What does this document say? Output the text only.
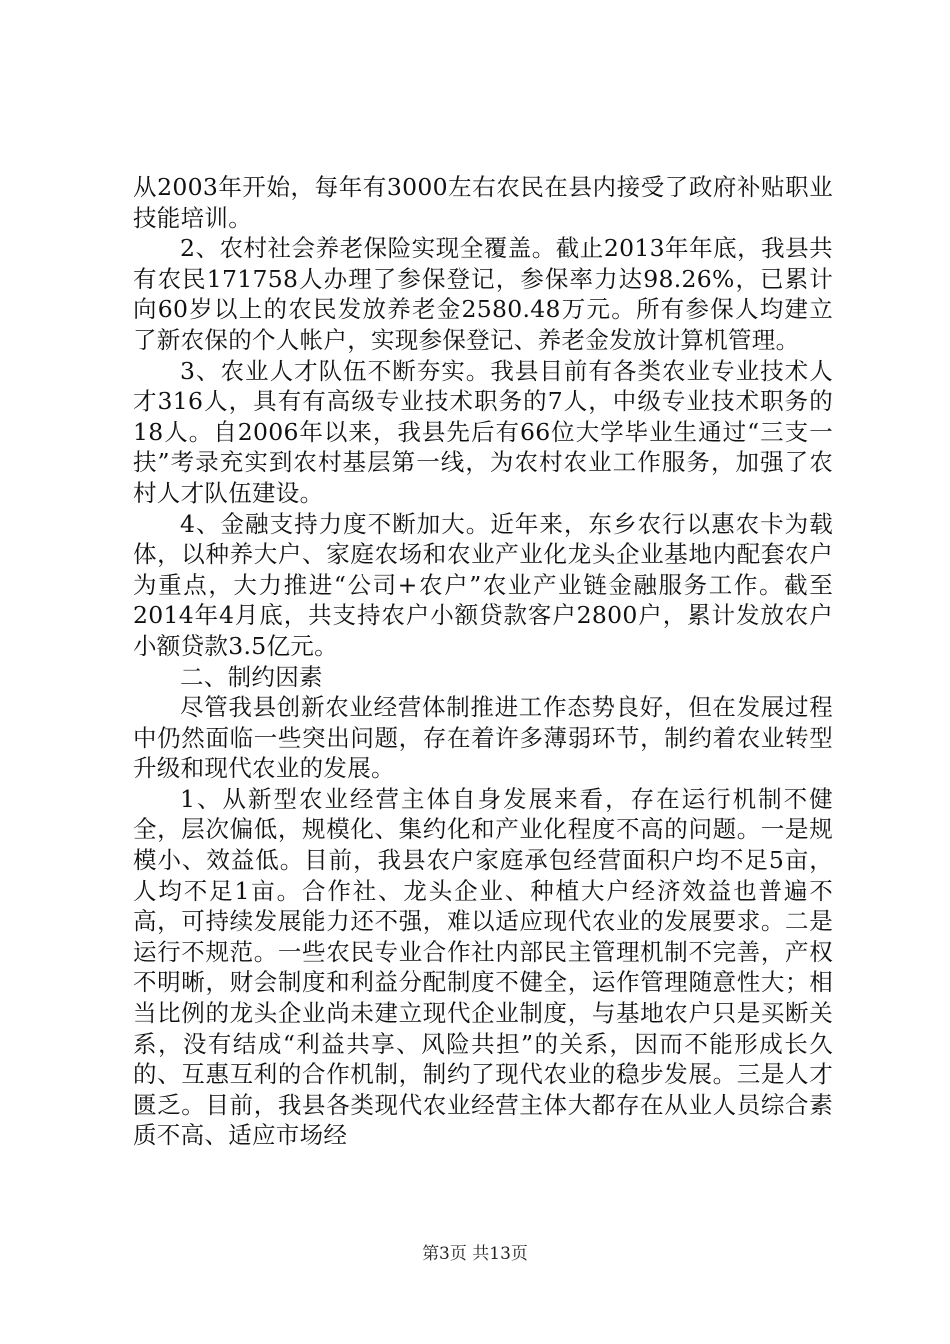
从2003年开始，每年有3000左右农民在县内接受了政府补贴职业技能培训。

2、农村社会养老保险实现全覆盖。截止2013年年底，我县共有农民171758人办理了参保登记，参保率力达98.26%，已累计向60岁以上的农民发放养老金2580.48万元。所有参保人均建立了新农保的个人帐户，实现参保登记、养老金发放计算机管理。

3、农业人才队伍不断夯实。我县目前有各类农业专业技术人才316人，具有有高级专业技术职务的7人，中级专业技术职务的18人。自2006年以来，我县先后有66位大学毕业生通过“三支一扶”考录充实到农村基层第一线，为农村农业工作服务，加强了农村人才队伍建设。

4、金融支持力度不断加大。近年来，东乡农行以惠农卡为载体，以种养大户、家庭农场和农业产业化龙头企业基地内配套农户为重点，大力推进“公司+农户”农业产业链金融服务工作。截至2014年4月底，共支持农户小额贷款客户2800户，累计发放农户小额贷款3.5亿元。

二、制约因素

尽管我县创新农业经营体制推进工作态势良好，但在发展过程中仍然面临一些突出问题，存在着许多薄弱环节，制约着农业转型升级和现代农业的发展。

1、从新型农业经营主体自身发展来看，存在运行机制不健全，层次偏低，规模化、集约化和产业化程度不高的问题。一是规模小、效益低。目前，我县农户家庭承包经营面积户均不足5亩，人均不足1亩。合作社、龙头企业、种植大户经济效益也普遍不高，可持续发展能力还不强，难以适应现代农业的发展要求。二是运行不规范。一些农民专业合作社内部民主管理机制不完善，产权不明晰，财会制度和利益分配制度不健全，运作管理随意性大；相当比例的龙头企业尚未建立现代企业制度，与基地农户只是买断关系，没有结成“利益共享、风险共担”的关系，因而不能形成长久的、互惠互利的合作机制，制约了现代农业的稳步发展。三是人才匮乏。目前，我县各类现代农业经营主体大都存在从业人员综合素质不高、适应市场经

第3页 共13页
